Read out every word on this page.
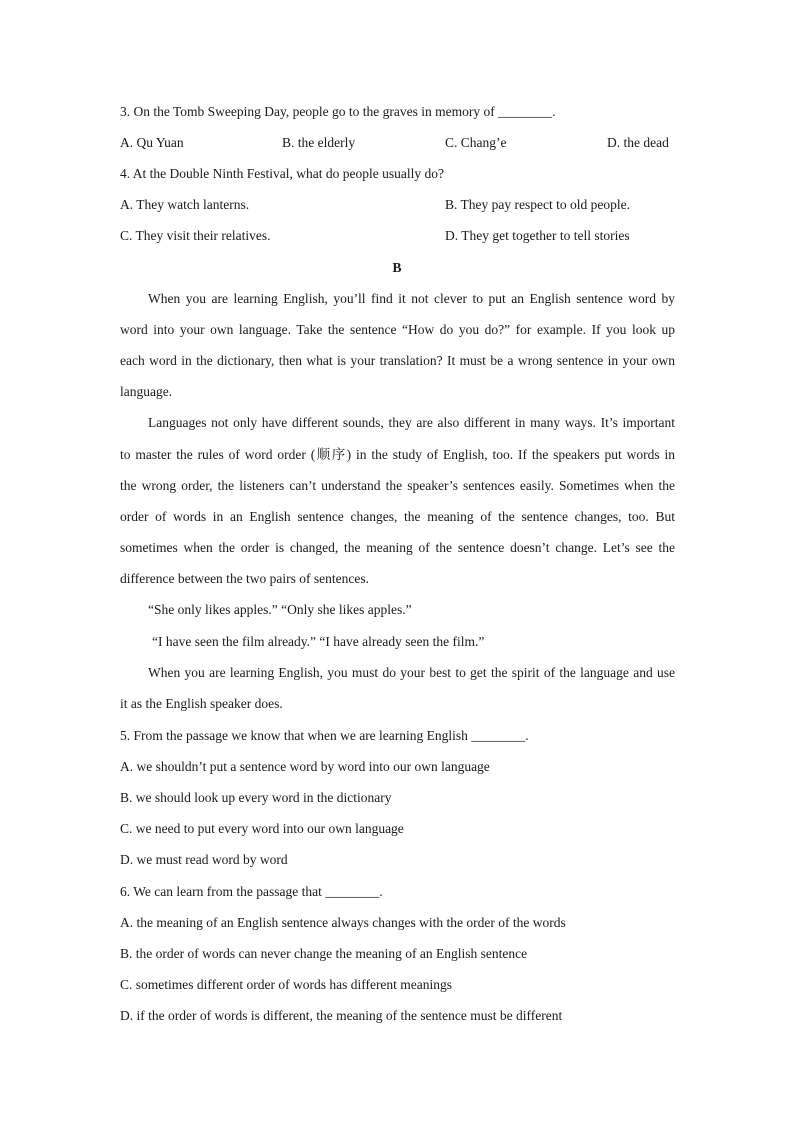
3. On the Tomb Sweeping Day, people go to the graves in memory of ________.
A. Qu Yuan	B. the elderly	C. Chang’e	D. the dead
4. At the Double Ninth Festival, what do people usually do?
A. They watch lanterns.	B. They pay respect to old people.
C. They visit their relatives.	D. They get together to tell stories
B
When you are learning English, you’ll find it not clever to put an English sentence word by
word into your own language. Take the sentence “How do you do?” for example. If you look up
each word in the dictionary, then what is your translation? It must be a wrong sentence in your own
language.
Languages not only have different sounds, they are also different in many ways. It’s important
to master the rules of word order (顺序) in the study of English, too. If the speakers put words in
the wrong order, the listeners can’t understand the speaker’s sentences easily. Sometimes when the
order of words in an English sentence changes, the meaning of the sentence changes, too. But
sometimes when the order is changed, the meaning of the sentence doesn’t change. Let’s see the
difference between the two pairs of sentences.
“She only likes apples.” “Only she likes apples.”
“I have seen the film already.” “I have already seen the film.”
When you are learning English, you must do your best to get the spirit of the language and use
it as the English speaker does.
5. From the passage we know that when we are learning English ________.
A. we shouldn’t put a sentence word by word into our own language
B. we should look up every word in the dictionary
C. we need to put every word into our own language
D. we must read word by word
6. We can learn from the passage that ________.
A. the meaning of an English sentence always changes with the order of the words
B. the order of words can never change the meaning of an English sentence
C. sometimes different order of words has different meanings
D. if the order of words is different, the meaning of the sentence must be different
